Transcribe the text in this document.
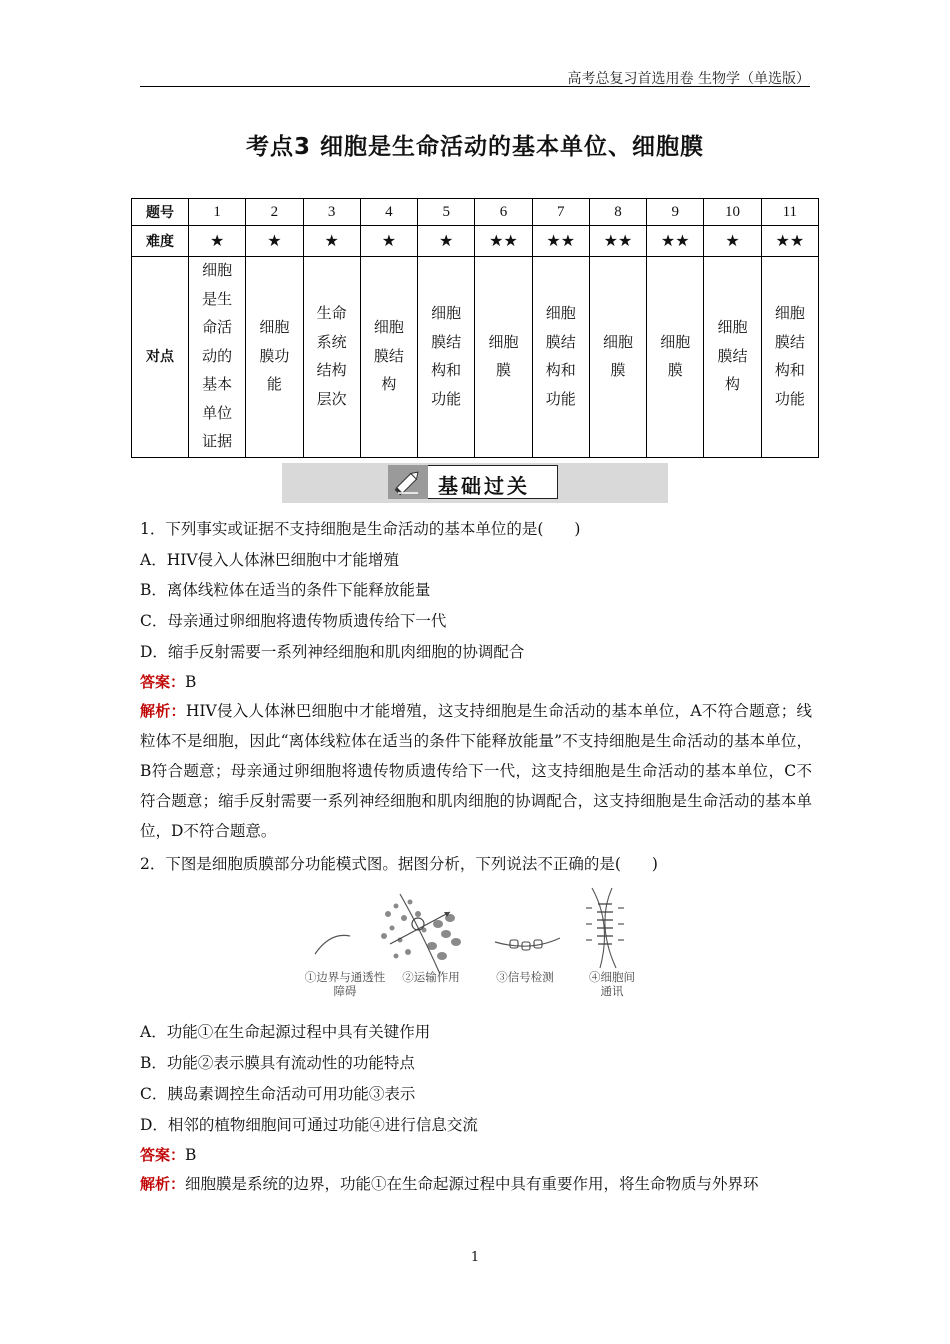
高考总复习首选用卷 生物学（单选版）
考点3 细胞是生命活动的基本单位、细胞膜
题号	1	2	3	4	5	6	7	8	9	10	11
难度	★	★	★	★	★	★★	★★	★★	★★	★	★★
对点	细胞是生命活动的基本单位证据	细胞膜功能	生命系统结构层次	细胞膜结构	细胞膜结构和功能	细胞膜	细胞膜结构和功能	细胞膜	细胞膜	细胞膜结构	细胞膜结构和功能
基础过关
1．下列事实或证据不支持细胞是生命活动的基本单位的是(　　)
A．HIV侵入人体淋巴细胞中才能增殖
B．离体线粒体在适当的条件下能释放能量
C．母亲通过卵细胞将遗传物质遗传给下一代
D．缩手反射需要一系列神经细胞和肌肉细胞的协调配合
答案：B
解析：HIV侵入人体淋巴细胞中才能增殖，这支持细胞是生命活动的基本单位，A不符合题意；线粒体不是细胞，因此“离体线粒体在适当的条件下能释放能量”不支持细胞是生命活动的基本单位，B符合题意；母亲通过卵细胞将遗传物质遗传给下一代，这支持细胞是生命活动的基本单位，C不符合题意；缩手反射需要一系列神经细胞和肌肉细胞的协调配合，这支持细胞是生命活动的基本单位，D不符合题意。
2．下图是细胞质膜部分功能模式图。据图分析，下列说法不正确的是(　　)
①边界与通透性障碍
②运输作用	③信号检测	④细胞间通讯
A．功能①在生命起源过程中具有关键作用
B．功能②表示膜具有流动性的功能特点
C．胰岛素调控生命活动可用功能③表示
D．相邻的植物细胞间可通过功能④进行信息交流
答案：B
解析：细胞膜是系统的边界，功能①在生命起源过程中具有重要作用，将生命物质与外界环
1
